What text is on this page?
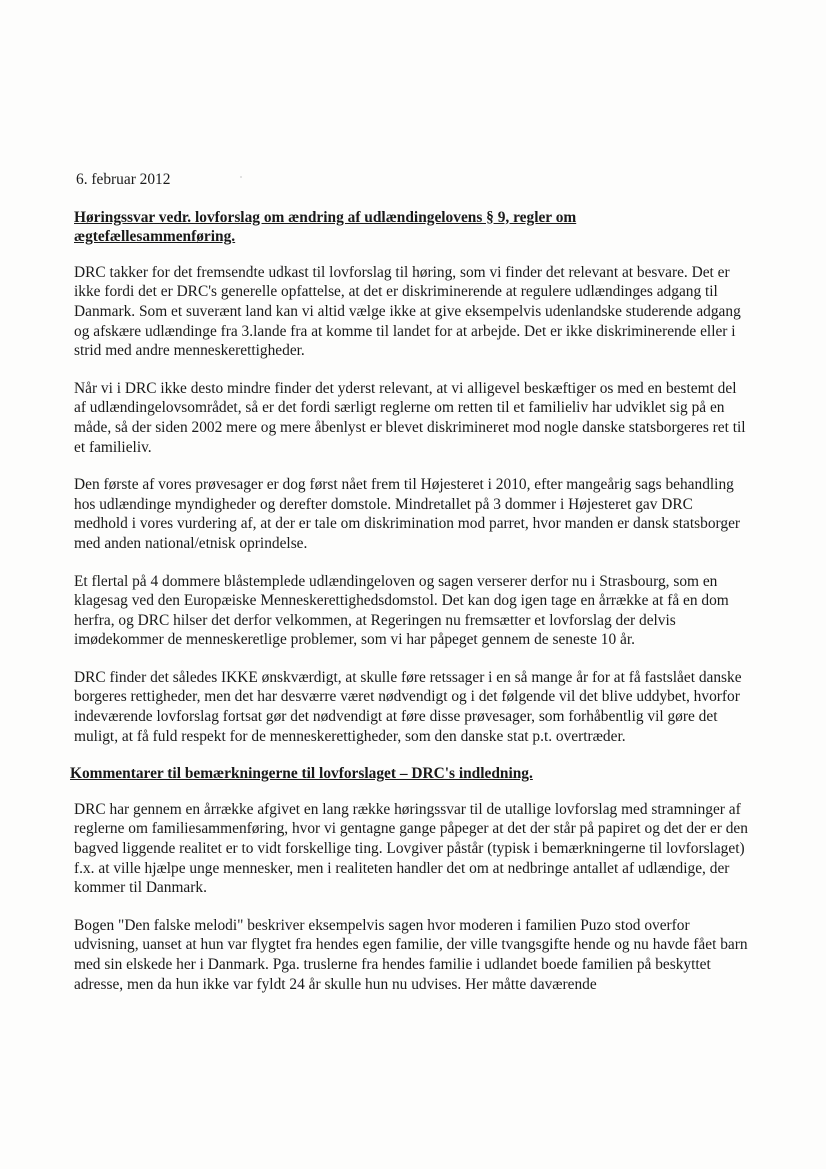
6. februar 2012
Høringssvar vedr. lovforslag om ændring af udlændingelovens § 9, regler om ægtefællesammenføring.

DRC takker for det fremsendte udkast til lovforslag til høring, som vi finder det relevant at besvare. Det er ikke fordi det er DRC's generelle opfattelse, at det er diskriminerende at regulere udlændinges adgang til Danmark. Som et suverænt land kan vi altid vælge ikke at give eksempelvis udenlandske studerende adgang og afskære udlændinge fra 3.lande fra at komme til landet for at arbejde. Det er ikke diskriminerende eller i strid med andre menneskerettigheder.

Når vi i DRC ikke desto mindre finder det yderst relevant, at vi alligevel beskæftiger os med en bestemt del af udlændingelovsområdet, så er det fordi særligt reglerne om retten til et familieliv har udviklet sig på en måde, så der siden 2002 mere og mere åbenlyst er blevet diskrimineret mod nogle danske statsborgeres ret til et familieliv.

Den første af vores prøvesager er dog først nået frem til Højesteret i 2010, efter mangeårig sags behandling hos udlændinge myndigheder og derefter domstole. Mindretallet på 3 dommer i Højesteret gav DRC medhold i vores vurdering af, at der er tale om diskrimination mod parret, hvor manden er dansk statsborger med anden national/etnisk oprindelse.

Et flertal på 4 dommere blåstemplede udlændingeloven og sagen verserer derfor nu i Strasbourg, som en klagesag ved den Europæiske Menneskerettighedsdomstol. Det kan dog igen tage en årrække at få en dom herfra, og DRC hilser det derfor velkommen, at Regeringen nu fremsætter et lovforslag der delvis imødekommer de menneskeretlige problemer, som vi har påpeget gennem de seneste 10 år.

DRC finder det således IKKE ønskværdigt, at skulle føre retssager i en så mange år for at få fastslået danske borgeres rettigheder, men det har desværre været nødvendigt og i det følgende vil det blive uddybet, hvorfor indeværende lovforslag fortsat gør det nødvendigt at føre disse prøvesager, som forhåbentlig vil gøre det muligt, at få fuld respekt for de menneskerettigheder, som den danske stat p.t. overtræder.

Kommentarer til bemærkningerne til lovforslaget – DRC's indledning.

DRC har gennem en årrække afgivet en lang række høringssvar til de utallige lovforslag med stramninger af reglerne om familiesammenføring, hvor vi gentagne gange påpeger at det der står på papiret og det der er den bagved liggende realitet er to vidt forskellige ting. Lovgiver påstår (typisk i bemærkningerne til lovforslaget) f.x. at ville hjælpe unge mennesker, men i realiteten handler det om at nedbringe antallet af udlændige, der kommer til Danmark.

Bogen "Den falske melodi" beskriver eksempelvis sagen hvor moderen i familien Puzo stod overfor udvisning, uanset at hun var flygtet fra hendes egen familie, der ville tvangsgifte hende og nu havde fået barn med sin elskede her i Danmark. Pga. truslerne fra hendes familie i udlandet boede familien på beskyttet adresse, men da hun ikke var fyldt 24 år skulle hun nu udvises. Her måtte daværende
